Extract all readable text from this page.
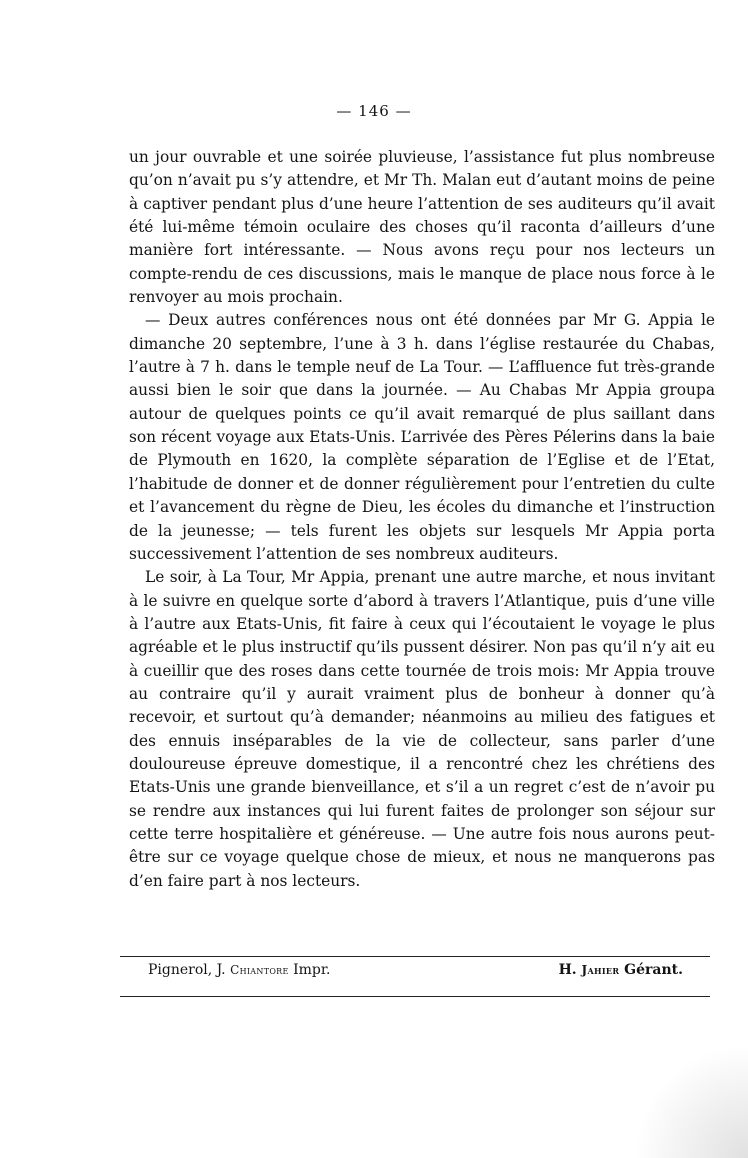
— 146 —

un jour ouvrable et une soirée pluvieuse, l’assistance fut plus nombreuse qu’on n’avait pu s’y attendre, et Mr Th. Malan eut d’autant moins de peine à captiver pendant plus d’une heure l’attention de ses auditeurs qu’il avait été lui-même témoin oculaire des choses qu’il raconta d’ailleurs d’une manière fort intéressante. — Nous avons reçu pour nos lecteurs un compte-rendu de ces discussions, mais le manque de place nous force à le renvoyer au mois prochain.

— Deux autres conférences nous ont été données par Mr G. Appia le dimanche 20 septembre, l’une à 3 h. dans l’église restaurée du Chabas, l’autre à 7 h. dans le temple neuf de La Tour. — L’affluence fut très-grande aussi bien le soir que dans la journée. — Au Chabas Mr Appia groupa autour de quelques points ce qu’il avait remarqué de plus saillant dans son récent voyage aux Etats-Unis. L’arrivée des Pères Pélerins dans la baie de Plymouth en 1620, la complète séparation de l’Eglise et de l’Etat, l’habitude de donner et de donner régulièrement pour l’entretien du culte et l’avancement du règne de Dieu, les écoles du dimanche et l’instruction de la jeunesse; — tels furent les objets sur lesquels Mr Appia porta successivement l’attention de ses nombreux auditeurs.

Le soir, à La Tour, Mr Appia, prenant une autre marche, et nous invitant à le suivre en quelque sorte d’abord à travers l’Atlantique, puis d’une ville à l’autre aux Etats-Unis, fit faire à ceux qui l’écoutaient le voyage le plus agréable et le plus instructif qu’ils pussent désirer. Non pas qu’il n’y ait eu à cueillir que des roses dans cette tournée de trois mois: Mr Appia trouve au contraire qu’il y aurait vraiment plus de bonheur à donner qu’à recevoir, et surtout qu’à demander; néanmoins au milieu des fatigues et des ennuis inséparables de la vie de collecteur, sans parler d’une douloureuse épreuve domestique, il a rencontré chez les chrétiens des Etats-Unis une grande bienveillance, et s’il a un regret c’est de n’avoir pu se rendre aux instances qui lui furent faites de prolonger son séjour sur cette terre hospitalière et généreuse. — Une autre fois nous aurons peut-être sur ce voyage quelque chose de mieux, et nous ne manquerons pas d’en faire part à nos lecteurs.

Pignerol, J. Chiantore Impr.	H. Jahier Gérant.
